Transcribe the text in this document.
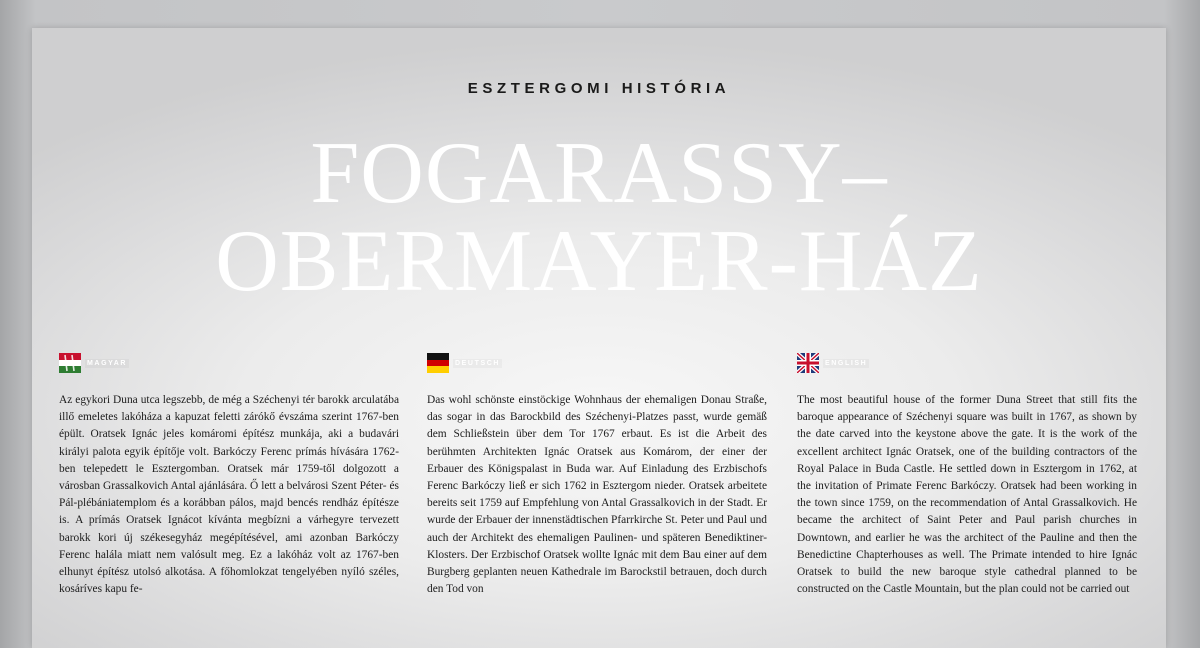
ESZTERGOMI HISTÓRIA
FOGARASSY–
OBERMAYER-HÁZ
MAGYAR
Az egykori Duna utca legszebb, de még a Széchenyi tér barokk arculatába illő emeletes lakóháza a kapuzat feletti zárókő évszáma szerint 1767-ben épült. Oratsek Ignác jeles komáromi építész munkája, aki a budavári királyi palota egyik építője volt. Barkóczy Ferenc prímás hívására 1762-ben telepedett le Esztergomban. Oratsek már 1759-től dolgozott a városban Grassalkovich Antal ajánlására. Ő lett a belvárosi Szent Péter- és Pál-plébániatemplom és a korábban pálos, majd bencés rendház építésze is. A prímás Oratsek Ignácot kívánta megbízni a várhegyre tervezett barokk kori új székesegyház megépítésével, ami azonban Barkóczy Ferenc halála miatt nem valósult meg. Ez a lakóház volt az 1767-ben elhunyt építész utolsó alkotása. A főhomlokzat tengelyében nyíló széles, kosáríves kapu fe-
DEUTSCH
Das wohl schönste einstöckige Wohnhaus der ehemaligen Donau Straße, das sogar in das Barockbild des Széchenyi-Platzes passt, wurde gemäß dem Schließstein über dem Tor 1767 erbaut. Es ist die Arbeit des berühmten Architekten Ignác Oratsek aus Komárom, der einer der Erbauer des Königspalast in Buda war. Auf Einladung des Erzbischofs Ferenc Barkóczy ließ er sich 1762 in Esztergom nieder. Oratsek arbeitete bereits seit 1759 auf Empfehlung von Antal Grassalkovich in der Stadt. Er wurde der Erbauer der innenstädtischen Pfarrkirche St. Peter und Paul und auch der Architekt des ehemaligen Paulinen- und späteren Benediktiner-Klosters. Der Erzbischof Oratsek wollte Ignác mit dem Bau einer auf dem Burgberg geplanten neuen Kathedrale im Barockstil betrauen, doch durch den Tod von
ENGLISH
The most beautiful house of the former Duna Street that still fits the baroque appearance of Széchenyi square was built in 1767, as shown by the date carved into the keystone above the gate. It is the work of the excellent architect Ignác Oratsek, one of the building contractors of the Royal Palace in Buda Castle. He settled down in Esztergom in 1762, at the invitation of Primate Ferenc Barkóczy. Oratsek had been working in the town since 1759, on the recommendation of Antal Grassalkovich. He became the architect of Saint Peter and Paul parish churches in Downtown, and earlier he was the architect of the Pauline and then the Benedictine Chapterhouses as well. The Primate intended to hire Ignác Oratsek to build the new baroque style cathedral planned to be constructed on the Castle Mountain, but the plan could not be carried out
